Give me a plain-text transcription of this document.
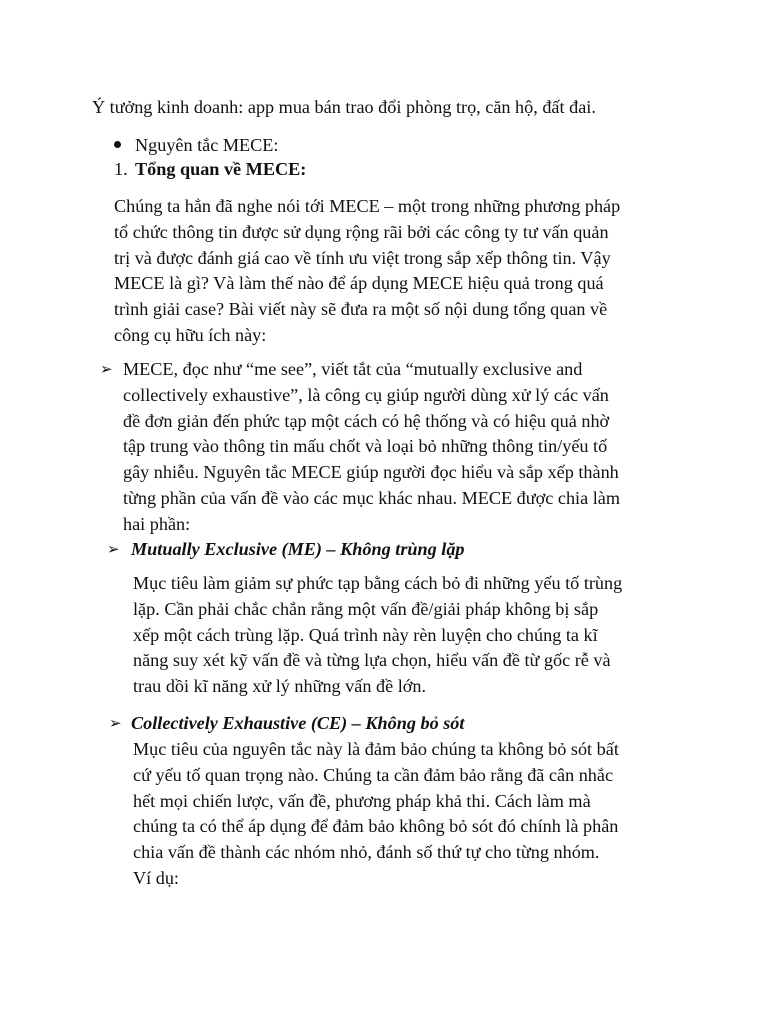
Ý tưởng kinh doanh: app mua bán trao đổi phòng trọ, căn hộ, đất đai.
Nguyên tắc MECE:
1. Tổng quan về MECE:
Chúng ta hẳn đã nghe nói tới MECE – một trong những phương pháp
tổ chức thông tin được sử dụng rộng rãi bởi các công ty tư vấn quản
trị và được đánh giá cao về tính ưu việt trong sắp xếp thông tin. Vậy
MECE là gì? Và làm thế nào để áp dụng MECE hiệu quả trong quá
trình giải case? Bài viết này sẽ đưa ra một số nội dung tổng quan về
công cụ hữu ích này:
➢ MECE, đọc như “me see”, viết tắt của “mutually exclusive and
collectively exhaustive”, là công cụ giúp người dùng xử lý các vấn
đề đơn giản đến phức tạp một cách có hệ thống và có hiệu quả nhờ
tập trung vào thông tin mấu chốt và loại bỏ những thông tin/yếu tố
gây nhiễu. Nguyên tắc MECE giúp người đọc hiểu và sắp xếp thành
từng phần của vấn đề vào các mục khác nhau. MECE được chia làm
hai phần:
➢ Mutually Exclusive (ME) – Không trùng lặp
Mục tiêu làm giảm sự phức tạp bằng cách bỏ đi những yếu tố trùng
lặp. Cần phải chắc chắn rằng một vấn đề/giải pháp không bị sắp
xếp một cách trùng lặp. Quá trình này rèn luyện cho chúng ta kĩ
năng suy xét kỹ vấn đề và từng lựa chọn, hiểu vấn đề từ gốc rễ và
trau dồi kĩ năng xử lý những vấn đề lớn.
➢ Collectively Exhaustive (CE) – Không bỏ sót
Mục tiêu của nguyên tắc này là đảm bảo chúng ta không bỏ sót bất
cứ yếu tố quan trọng nào. Chúng ta cần đảm bảo rằng đã cân nhắc
hết mọi chiến lược, vấn đề, phương pháp khả thi. Cách làm mà
chúng ta có thể áp dụng để đảm bảo không bỏ sót đó chính là phân
chia vấn đề thành các nhóm nhỏ, đánh số thứ tự cho từng nhóm.
Ví dụ:
